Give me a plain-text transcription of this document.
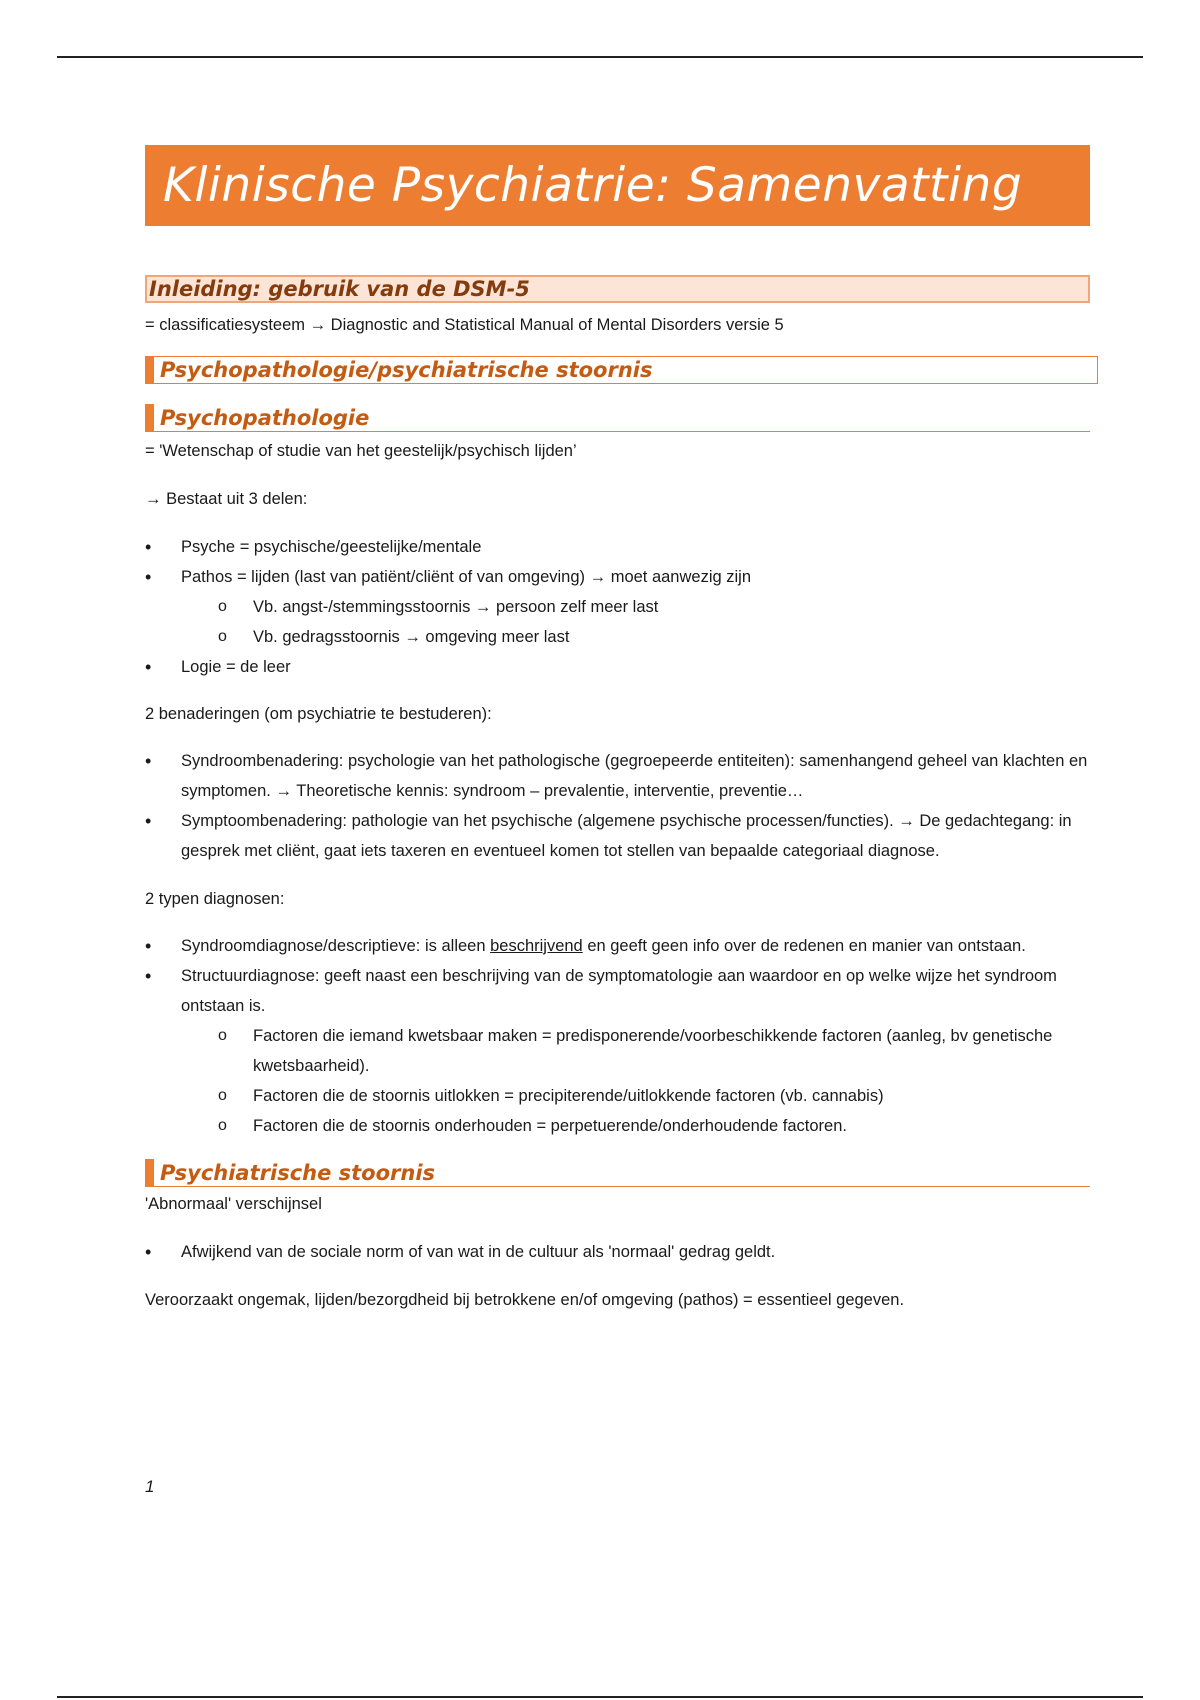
Klinische Psychiatrie: Samenvatting
Inleiding: gebruik van de DSM-5

= classificatiesysteem → Diagnostic and Statistical Manual of Mental Disorders versie 5

Psychopathologie/psychiatrische stoornis
Psychopathologie

= 'Wetenschap of studie van het geestelijk/psychisch lijden’

→ Bestaat uit 3 delen:

• Psyche = psychische/geestelijke/mentale
• Pathos = lijden (last van patiënt/cliënt of van omgeving) → moet aanwezig zijn
o Vb. angst-/stemmingsstoornis → persoon zelf meer last
o Vb. gedragsstoornis → omgeving meer last
• Logie = de leer

2 benaderingen (om psychiatrie te bestuderen):

• Syndroombenadering: psychologie van het pathologische (gegroepeerde entiteiten): samenhangend geheel van klachten en symptomen. → Theoretische kennis: syndroom – prevalentie, interventie, preventie…
• Symptoombenadering: pathologie van het psychische (algemene psychische processen/functies). → De gedachtegang: in gesprek met cliënt, gaat iets taxeren en eventueel komen tot stellen van bepaalde categoriaal diagnose.

2 typen diagnosen:

• Syndroomdiagnose/descriptieve: is alleen beschrijvend en geeft geen info over de redenen en manier van ontstaan.
• Structuurdiagnose: geeft naast een beschrijving van de symptomatologie aan waardoor en op welke wijze het syndroom ontstaan is.
o Factoren die iemand kwetsbaar maken = predisponerende/voorbeschikkende factoren (aanleg, bv genetische kwetsbaarheid).
o Factoren die de stoornis uitlokken = precipiterende/uitlokkende factoren (vb. cannabis)
o Factoren die de stoornis onderhouden = perpetuerende/onderhoudende factoren.
Psychiatrische stoornis

'Abnormaal' verschijnsel

• Afwijkend van de sociale norm of van wat in de cultuur als 'normaal' gedrag geldt.

Veroorzaakt ongemak, lijden/bezorgdheid bij betrokkene en/of omgeving (pathos) = essentieel gegeven.

1
